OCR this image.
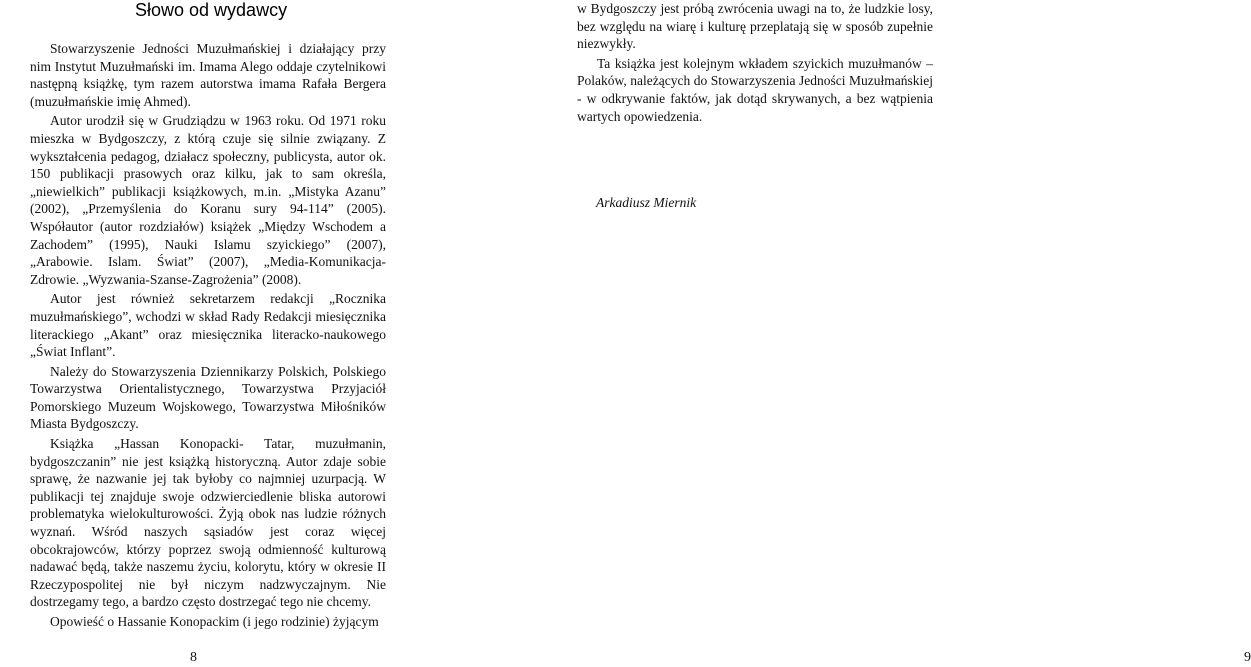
Słowo od wydawcy

Stowarzyszenie Jedności Muzułmańskiej i działający przy nim Instytut Muzułmański im. Imama Alego oddaje czytelnikowi następną książkę, tym razem autorstwa imama Rafała Bergera (muzułmańskie imię Ahmed).

Autor urodził się w Grudziądzu w 1963 roku. Od 1971 roku mieszka w Bydgoszczy, z którą czuje się silnie związany. Z wykształcenia pedagog, działacz społeczny, publicysta, autor ok. 150 publikacji prasowych oraz kilku, jak to sam określa, „niewielkich” publikacji książkowych, m.in. „Mistyka Azanu” (2002), „Przemyślenia do Koranu sury 94-114” (2005). Współautor (autor rozdziałów) książek „Między Wschodem a Zachodem” (1995), Nauki Islamu szyickiego” (2007), „Arabowie. Islam. Świat” (2007), „Media-Komunikacja-Zdrowie. „Wyzwania-Szanse-Zagrożenia” (2008).

Autor jest również sekretarzem redakcji „Rocznika muzułmańskiego”, wchodzi w skład Rady Redakcji miesięcznika literackiego „Akant” oraz miesięcznika literacko-naukowego „Świat Inflant”.

Należy do Stowarzyszenia Dziennikarzy Polskich, Polskiego Towarzystwa Orientalistycznego, Towarzystwa Przyjaciół Pomorskiego Muzeum Wojskowego, Towarzystwa Miłośników Miasta Bydgoszczy.

Książka „Hassan Konopacki- Tatar, muzułmanin, bydgoszczanin” nie jest książką historyczną. Autor zdaje sobie sprawę, że nazwanie jej tak byłoby co najmniej uzurpacją. W publikacji tej znajduje swoje odzwierciedlenie bliska autorowi problematyka wielokulturowości. Żyją obok nas ludzie różnych wyznań. Wśród naszych sąsiadów jest coraz więcej obcokrajowców, którzy poprzez swoją odmienność kulturową nadawać będą, także naszemu życiu, kolorytu, który w okresie II Rzeczypospolitej nie był niczym nadzwyczajnym. Nie dostrzegamy tego, a bardzo często dostrzegać tego nie chcemy.

Opowieść o Hassanie Konopackim (i jego rodzinie) żyjącym

8

w Bydgoszczy jest próbą zwrócenia uwagi na to, że ludzkie losy, bez względu na wiarę i kulturę przeplatają się w sposób zupełnie niezwykły.

Ta książka jest kolejnym wkładem szyickich muzułmanów – Polaków, należących do Stowarzyszenia Jedności Muzułmańskiej - w odkrywanie faktów, jak dotąd skrywanych, a bez wątpienia wartych opowiedzenia.

9
Arkadiusz Miernik
